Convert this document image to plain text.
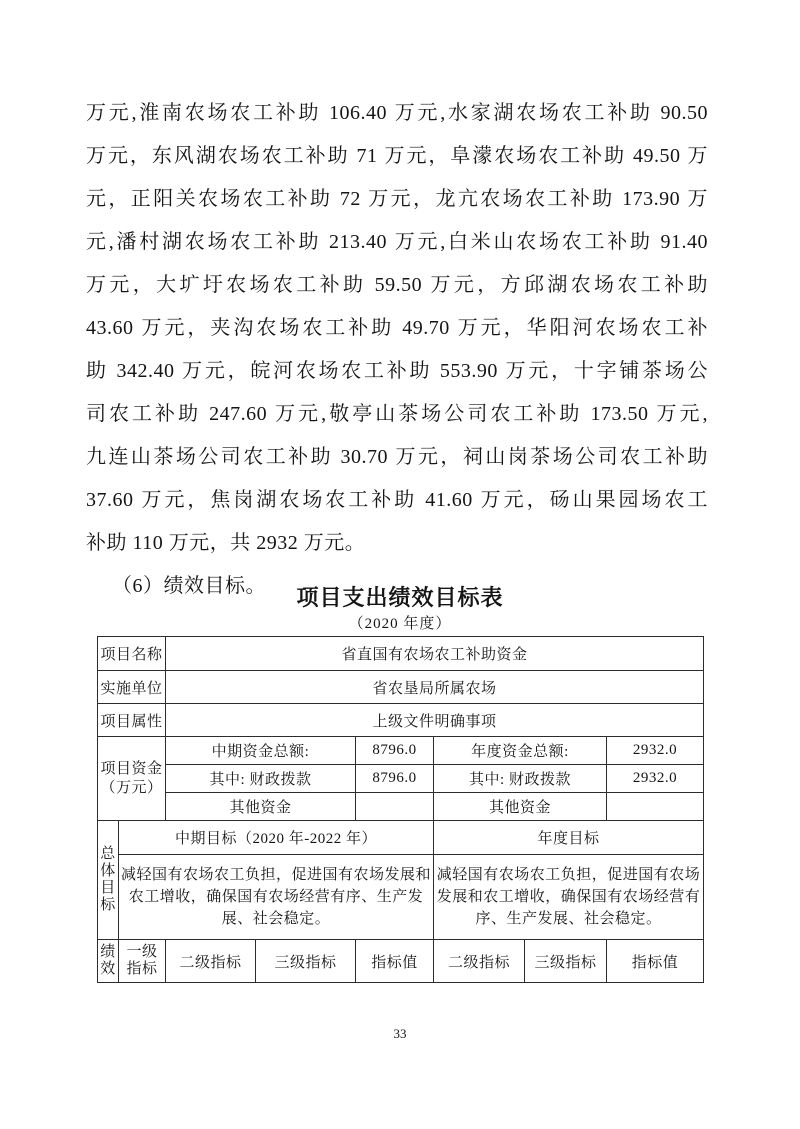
万元,淮南农场农工补助 106.40 万元,水家湖农场农工补助 90.50
万元，东风湖农场农工补助 71 万元，阜濛农场农工补助 49.50 万
元，正阳关农场农工补助 72 万元，龙亢农场农工补助 173.90 万
元,潘村湖农场农工补助 213.40 万元,白米山农场农工补助 91.40
万元，大圹圩农场农工补助 59.50 万元，方邱湖农场农工补助
43.60 万元，夹沟农场农工补助 49.70 万元，华阳河农场农工补
助 342.40 万元，皖河农场农工补助 553.90 万元，十字铺茶场公
司农工补助 247.60 万元,敬亭山茶场公司农工补助 173.50 万元,
九连山茶场公司农工补助 30.70 万元，祠山岗茶场公司农工补助
37.60 万元，焦岗湖农场农工补助 41.60 万元，砀山果园场农工
补助 110 万元，共 2932 万元。
（6）绩效目标。	项目支出绩效目标表
（2020 年度）
项目名称		省直国有农场农工补助资金					
实施单位		省农垦局所属农场					
项目属性		上级文件明确事项					
项目资金（万元）		中期资金总额:		8796.0	年度资金总额:		2932.0
		其中: 财政拨款		8796.0	其中: 财政拨款		2932.0
		其他资金			其他资金		
总体目标	中期目标（2020 年-2022 年）				年度目标		
	减轻国有农场农工负担，促进国有农场发展和农工增收，确保国有农场经营有序、生产发展、社会稳定。				减轻国有农场农工负担，促进国有农场发展和农工增收，确保国有农场经营有序、生产发展、社会稳定。		
绩效	一级指标	二级指标	三级指标	指标值	二级指标	三级指标	指标值
33
